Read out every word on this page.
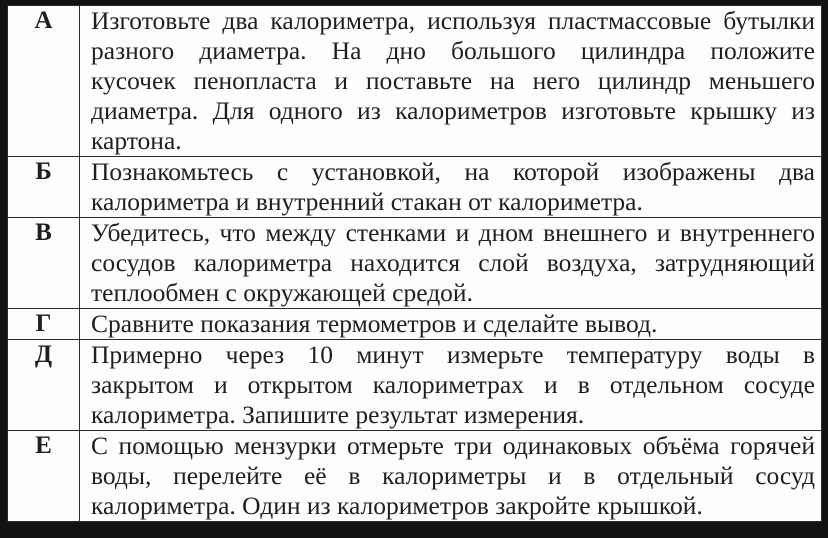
А	Изготовьте два калориметра, используя пластмассовые бутылки
разного диаметра. На дно большого цилиндра положите
кусочек пенопласта и поставьте на него цилиндр меньшего
диаметра. Для одного из калориметров изготовьте крышку из
картона.
Б	Познакомьтесь с установкой, на которой изображены два
калориметра и внутренний стакан от калориметра.
В	Убедитесь, что между стенками и дном внешнего и внутреннего
сосудов калориметра находится слой воздуха, затрудняющий
теплообмен с окружающей средой.
Г	Сравните показания термометров и сделайте вывод.
Д	Примерно через 10 минут измерьте температуру воды в
закрытом и открытом калориметрах и в отдельном сосуде
калориметра. Запишите результат измерения.
Е	С помощью мензурки отмерьте три одинаковых объёма горячей
воды, перелейте её в калориметры и в отдельный сосуд
калориметра. Один из калориметров закройте крышкой.
